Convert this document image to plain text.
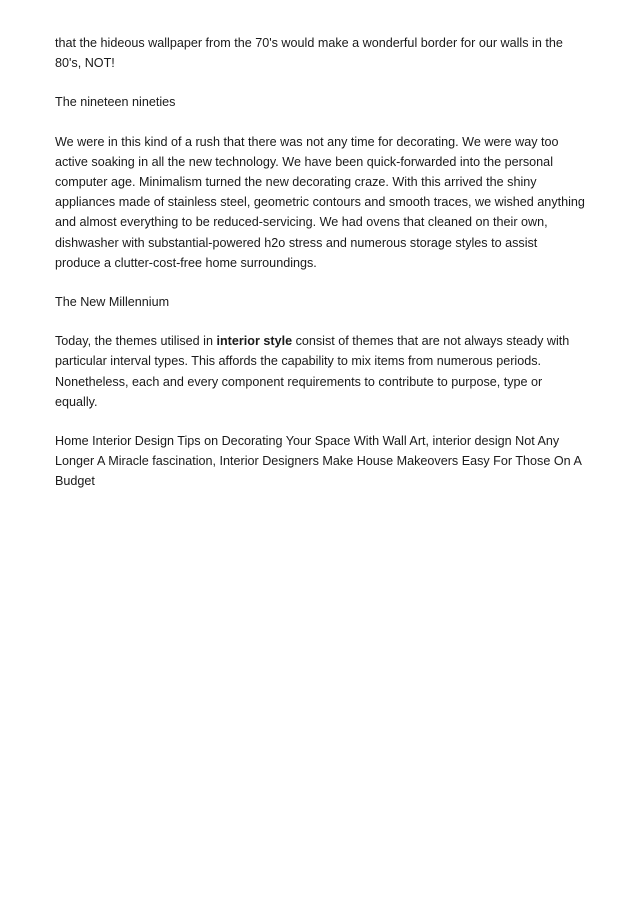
that the hideous wallpaper from the 70's would make a wonderful border for our walls in the 80's, NOT!

The nineteen nineties

We were in this kind of a rush that there was not any time for decorating. We were way too active soaking in all the new technology. We have been quick-forwarded into the personal computer age. Minimalism turned the new decorating craze. With this arrived the shiny appliances made of stainless steel, geometric contours and smooth traces, we wished anything and almost everything to be reduced-servicing. We had ovens that cleaned on their own, dishwasher with substantial-powered h2o stress and numerous storage styles to assist produce a clutter-cost-free home surroundings.

The New Millennium

Today, the themes utilised in interior style consist of themes that are not always steady with particular interval types. This affords the capability to mix items from numerous periods. Nonetheless, each and every component requirements to contribute to purpose, type or equally.

Home Interior Design Tips on Decorating Your Space With Wall Art, interior design Not Any Longer A Miracle fascination, Interior Designers Make House Makeovers Easy For Those On A Budget
